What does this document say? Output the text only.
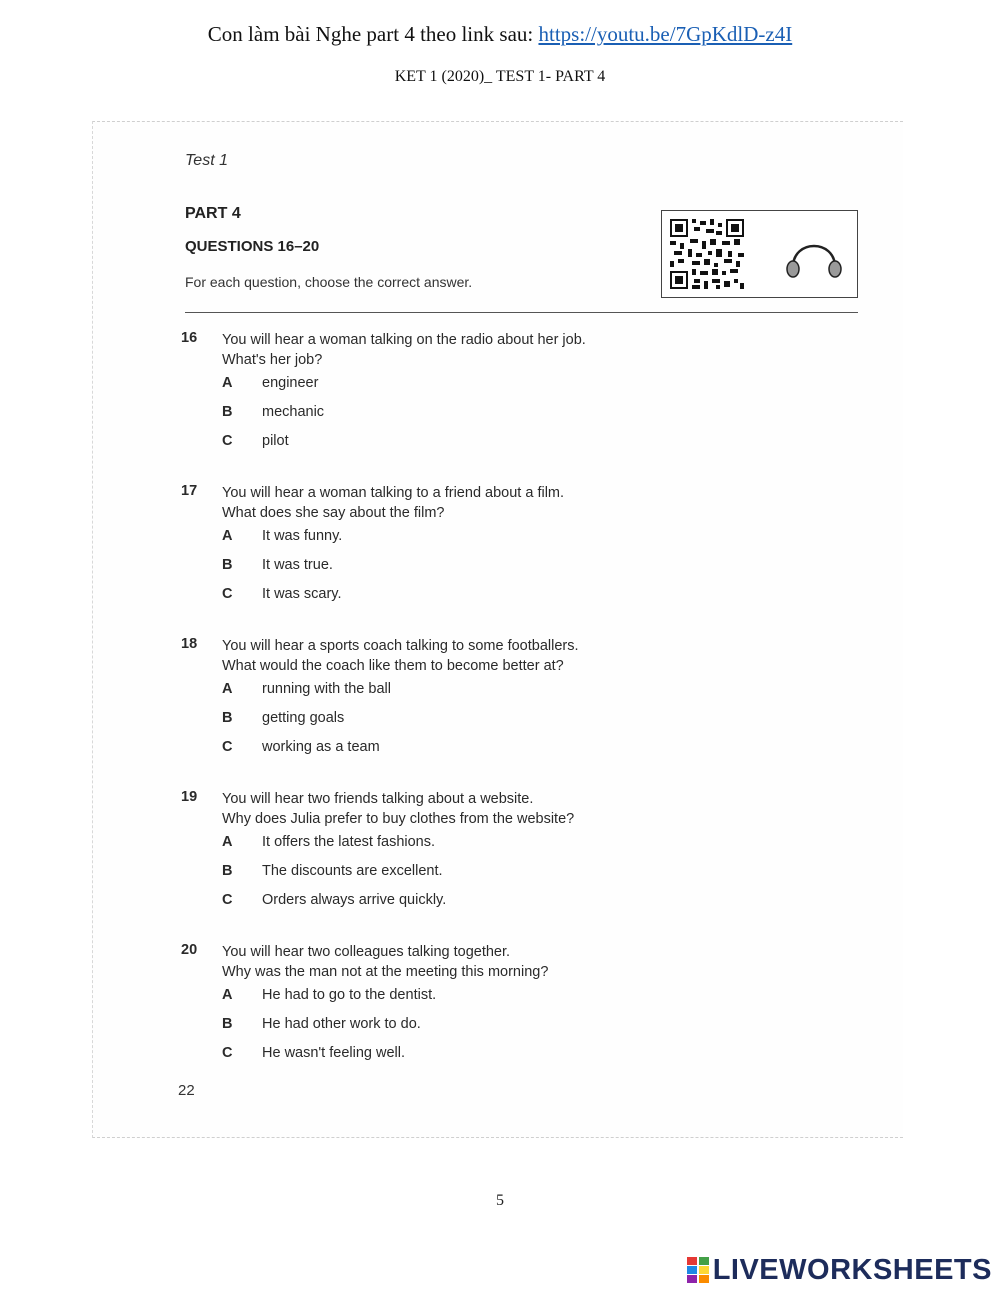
Con làm bài Nghe part 4 theo link sau: https://youtu.be/7GpKdlD-z4I
KET 1 (2020)_ TEST 1- PART 4
Test 1
PART 4
QUESTIONS 16–20
For each question, choose the correct answer.
16 You will hear a woman talking on the radio about her job.
What's her job?
A engineer
B mechanic
C pilot
17 You will hear a woman talking to a friend about a film.
What does she say about the film?
A It was funny.
B It was true.
C It was scary.
18 You will hear a sports coach talking to some footballers.
What would the coach like them to become better at?
A running with the ball
B getting goals
C working as a team
19 You will hear two friends talking about a website.
Why does Julia prefer to buy clothes from the website?
A It offers the latest fashions.
B The discounts are excellent.
C Orders always arrive quickly.
20 You will hear two colleagues talking together.
Why was the man not at the meeting this morning?
A He had to go to the dentist.
B He had other work to do.
C He wasn't feeling well.
22
5
LIVEWORKSHEETS
